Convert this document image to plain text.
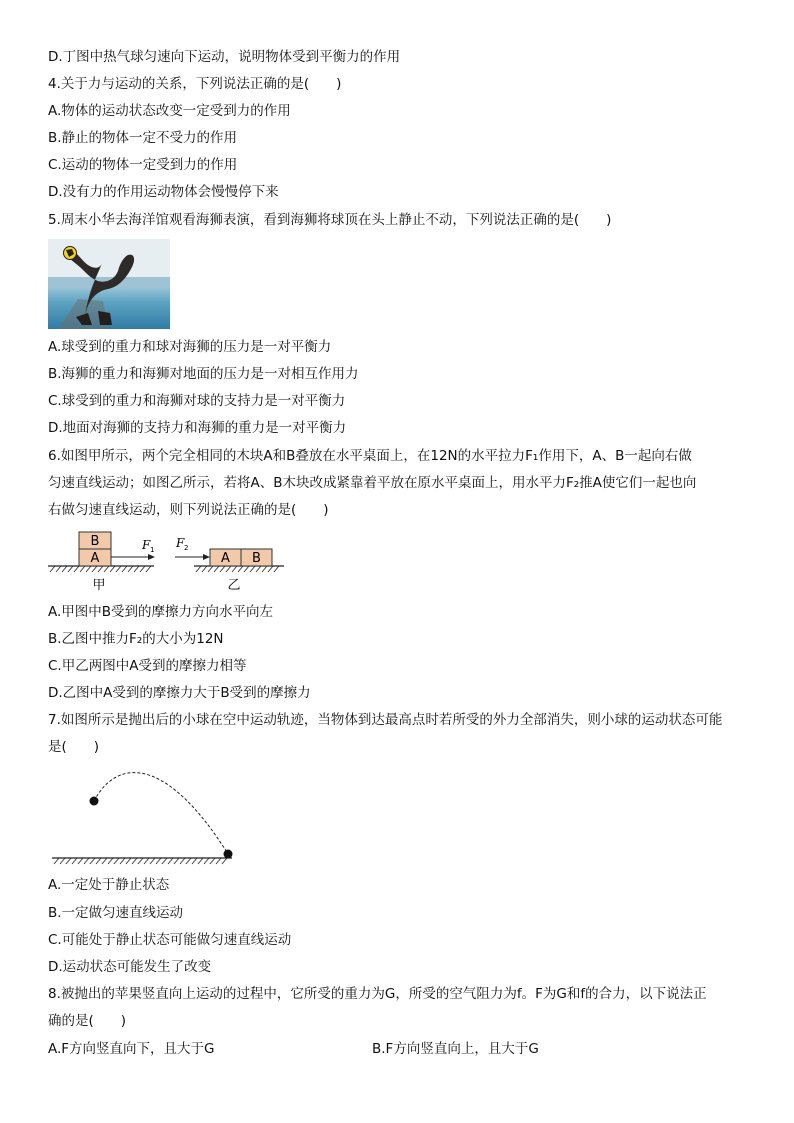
D.丁图中热气球匀速向下运动，说明物体受到平衡力的作用
4.关于力与运动的关系，下列说法正确的是(　　)
A.物体的运动状态改变一定受到力的作用
B.静止的物体一定不受力的作用
C.运动的物体一定受到力的作用
D.没有力的作用运动物体会慢慢停下来
5.周末小华去海洋馆观看海狮表演，看到海狮将球顶在头上静止不动，下列说法正确的是(　　)
A.球受到的重力和球对海狮的压力是一对平衡力
B.海狮的重力和海狮对地面的压力是一对相互作用力
C.球受到的重力和海狮对球的支持力是一对平衡力
D.地面对海狮的支持力和海狮的重力是一对平衡力
6.如图甲所示，两个完全相同的木块A和B叠放在水平桌面上，在12N的水平拉力F₁作用下，A、B一起向右做
匀速直线运动；如图乙所示，若将A、B木块改成紧靠着平放在原水平桌面上，用水平力F₂推A使它们一起也向
右做匀速直线运动，则下列说法正确的是(　　)
B
A
F 1
甲
F 2
A B
乙
A.甲图中B受到的摩擦力方向水平向左
B.乙图中推力F₂的大小为12N
C.甲乙两图中A受到的摩擦力相等
D.乙图中A受到的摩擦力大于B受到的摩擦力
7.如图所示是抛出后的小球在空中运动轨迹，当物体到达最高点时若所受的外力全部消失，则小球的运动状态可能
是(　　)
A.一定处于静止状态
B.一定做匀速直线运动
C.可能处于静止状态可能做匀速直线运动
D.运动状态可能发生了改变
8.被抛出的苹果竖直向上运动的过程中，它所受的重力为G，所受的空气阻力为f。F为G和f的合力，以下说法正
确的是(　　)
A.F方向竖直向下，且大于G	B.F方向竖直向上，且大于G
